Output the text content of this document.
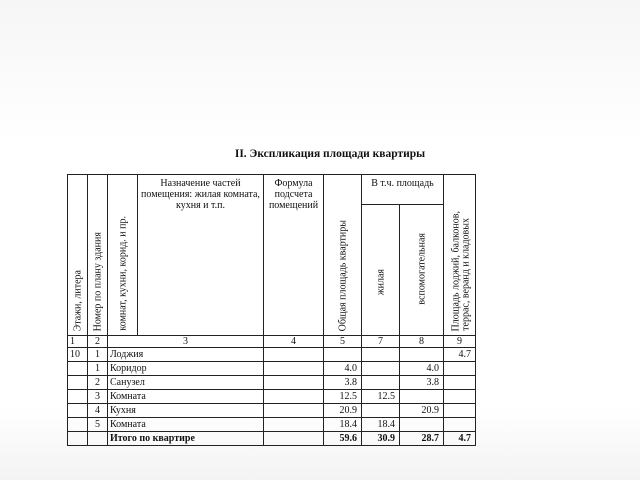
II. Экспликация площади квартиры
Этажи, литера	Номер по плану здания	комнат, кухни, корид. и пр.	Назначение частей помещения: жилая комната, кухня и т.п.	Формула подсчета помещений	Общая площадь квартиры	В т.ч. площадь		Площадь лоджий, балконов, террас, веранд и кладовых

						жилая	вспомогательная	

1	2	3		4	5	7	8	9
10	1	Лоджия						4.7
	1	Коридор			4.0		4.0	
	2	Санузел			3.8		3.8	
	3	Комната			12.5	12.5		
	4	Кухня			20.9		20.9	
	5	Комната			18.4	18.4		
		Итого по квартире			59.6	30.9	28.7	4.7
